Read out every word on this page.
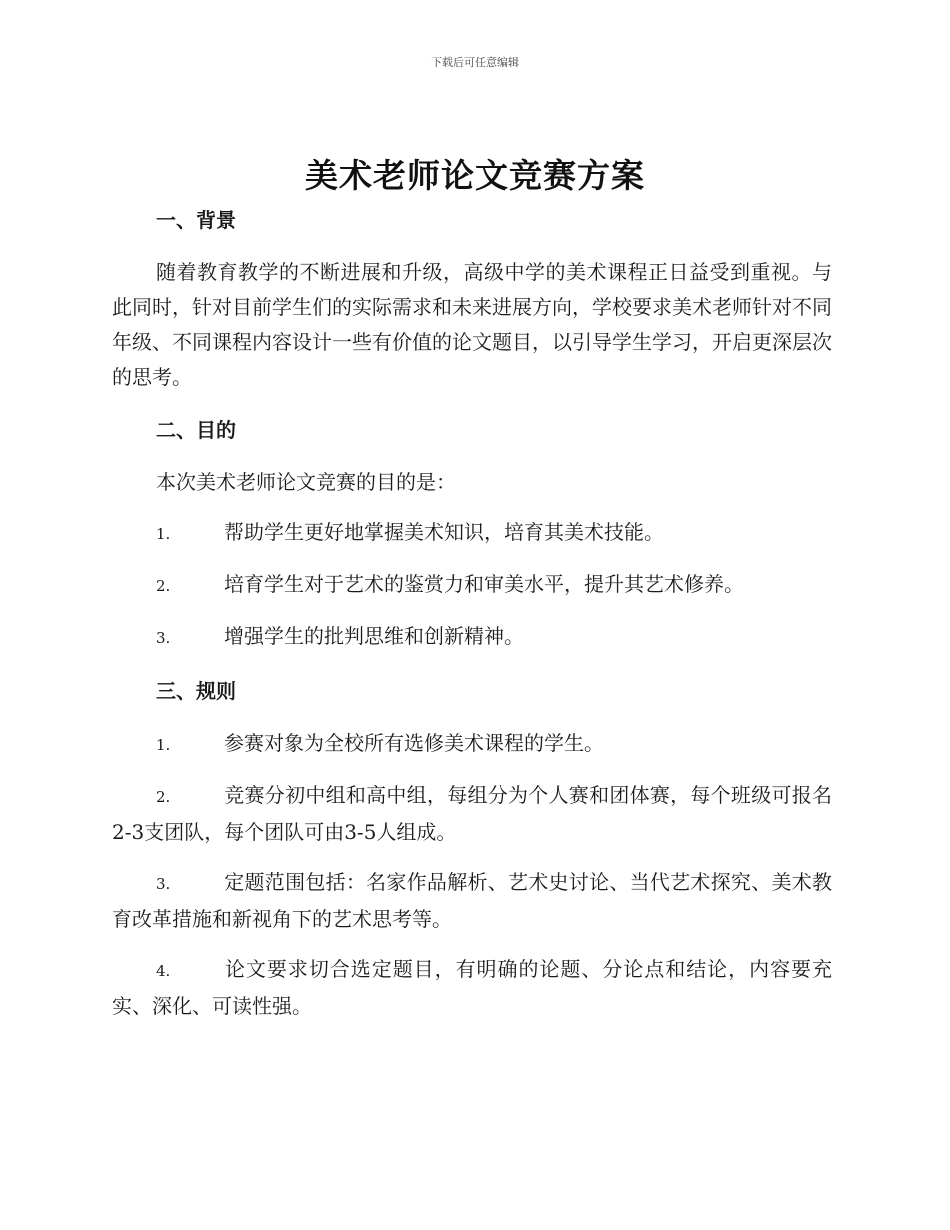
下载后可任意编辑
美术老师论文竞赛方案
一、背景
随着教育教学的不断进展和升级，高级中学的美术课程正日益受到重视。与此同时，针对目前学生们的实际需求和未来进展方向，学校要求美术老师针对不同年级、不同课程内容设计一些有价值的论文题目，以引导学生学习，开启更深层次的思考。
二、目的
本次美术老师论文竞赛的目的是：
1.	帮助学生更好地掌握美术知识，培育其美术技能。
2.	培育学生对于艺术的鉴赏力和审美水平，提升其艺术修养。
3.	增强学生的批判思维和创新精神。
三、规则
1.	参赛对象为全校所有选修美术课程的学生。
2.	竞赛分初中组和高中组，每组分为个人赛和团体赛，每个班级可报名2-3支团队，每个团队可由3-5人组成。
3.	定题范围包括：名家作品解析、艺术史讨论、当代艺术探究、美术教育改革措施和新视角下的艺术思考等。
4.	论文要求切合选定题目，有明确的论题、分论点和结论，内容要充实、深化、可读性强。
